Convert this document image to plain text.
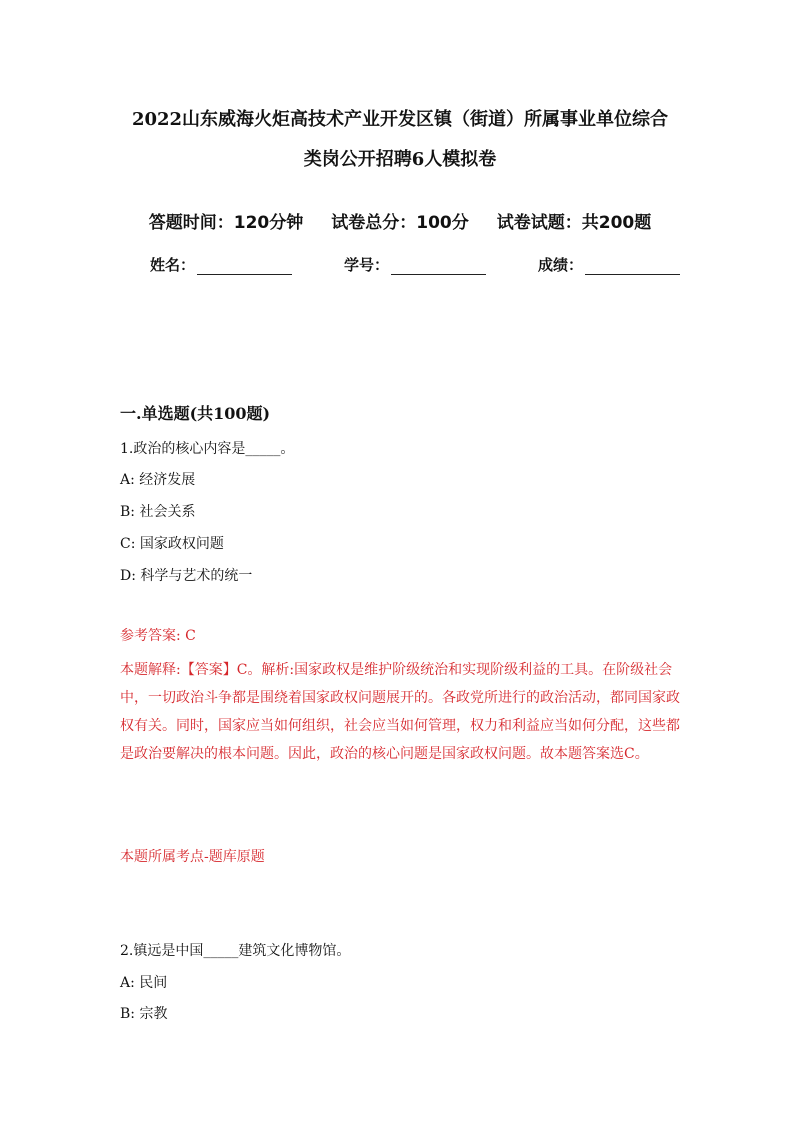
2022山东威海火炬高技术产业开发区镇（街道）所属事业单位综合
类岗公开招聘6人模拟卷
答题时间：120分钟 试卷总分：100分 试卷试题：共200题
姓名：	学号：	成绩：
一.单选题(共100题)
1.政治的核心内容是_____。
A: 经济发展
B: 社会关系
C: 国家政权问题
D: 科学与艺术的统一
参考答案: C
本题解释:【答案】C。解析:国家政权是维护阶级统治和实现阶级利益的工具。在阶级社会中，一切政治斗争都是围绕着国家政权问题展开的。各政党所进行的政治活动，都同国家政权有关。同时，国家应当如何组织，社会应当如何管理，权力和利益应当如何分配，这些都是政治要解决的根本问题。因此，政治的核心问题是国家政权问题。故本题答案选C。
本题所属考点-题库原题
2.镇远是中国_____建筑文化博物馆。
A: 民间
B: 宗教
